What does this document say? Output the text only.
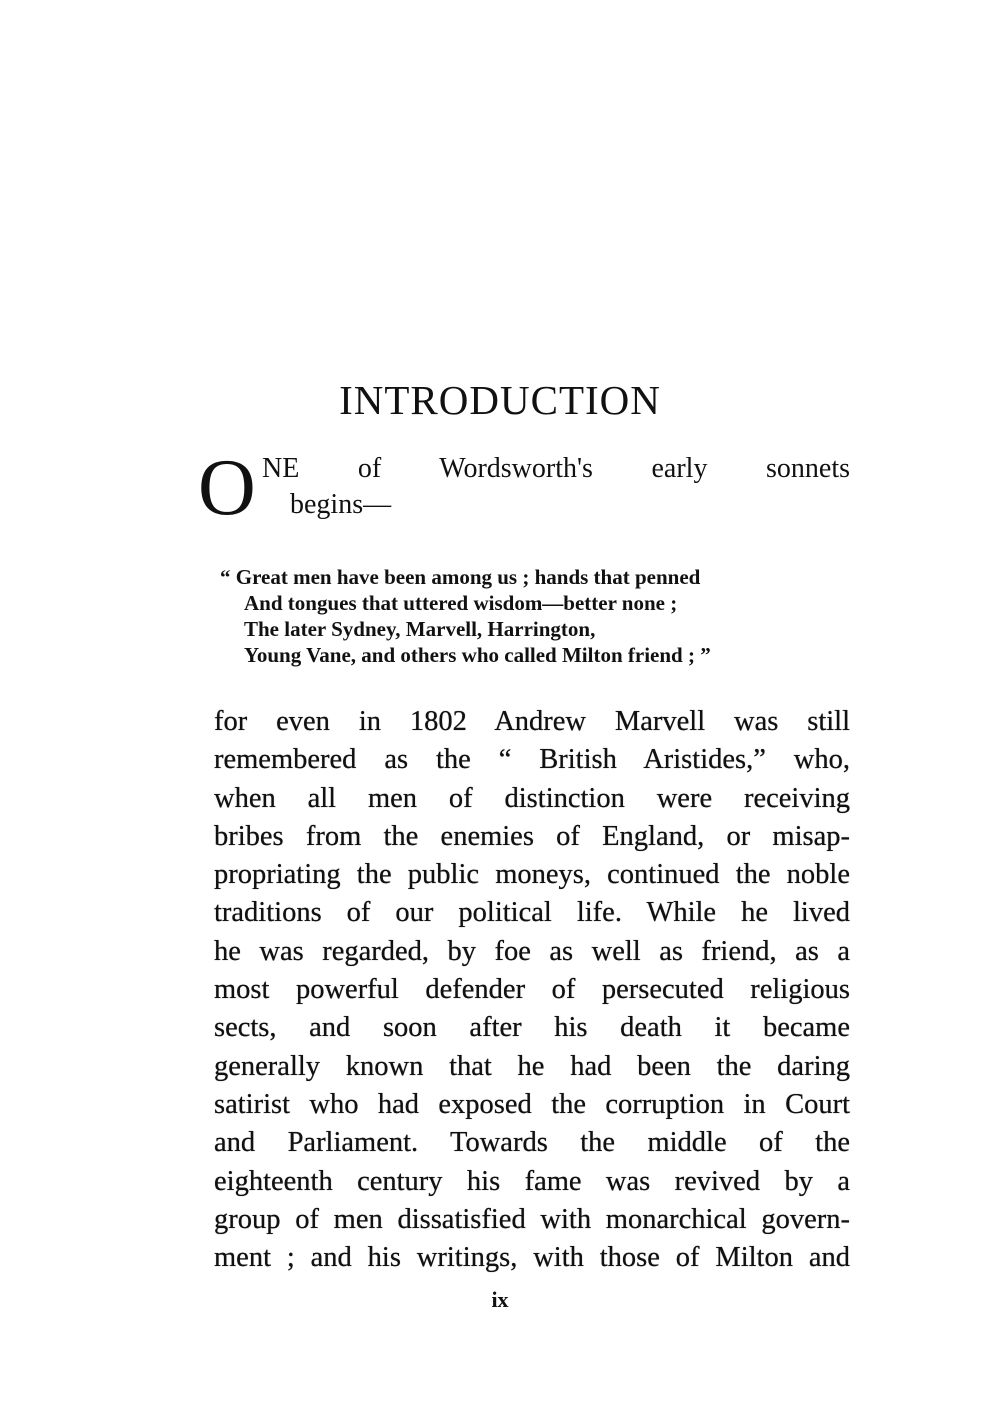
INTRODUCTION
O NE of Wordsworth's early sonnets
begins—
“ Great men have been among us ; hands that penned
And tongues that uttered wisdom—better none ;
The later Sydney, Marvell, Harrington,
Young Vane, and others who called Milton friend ; ”
for even in 1802 Andrew Marvell was still
remembered as the “ British Aristides,” who,
when all men of distinction were receiving
bribes from the enemies of England, or misap-
propriating the public moneys, continued the noble
traditions of our political life. While he lived
he was regarded, by foe as well as friend, as a
most powerful defender of persecuted religious
sects, and soon after his death it became
generally known that he had been the daring
satirist who had exposed the corruption in Court
and Parliament. Towards the middle of the
eighteenth century his fame was revived by a
group of men dissatisfied with monarchical govern-
ment ; and his writings, with those of Milton and
ix
